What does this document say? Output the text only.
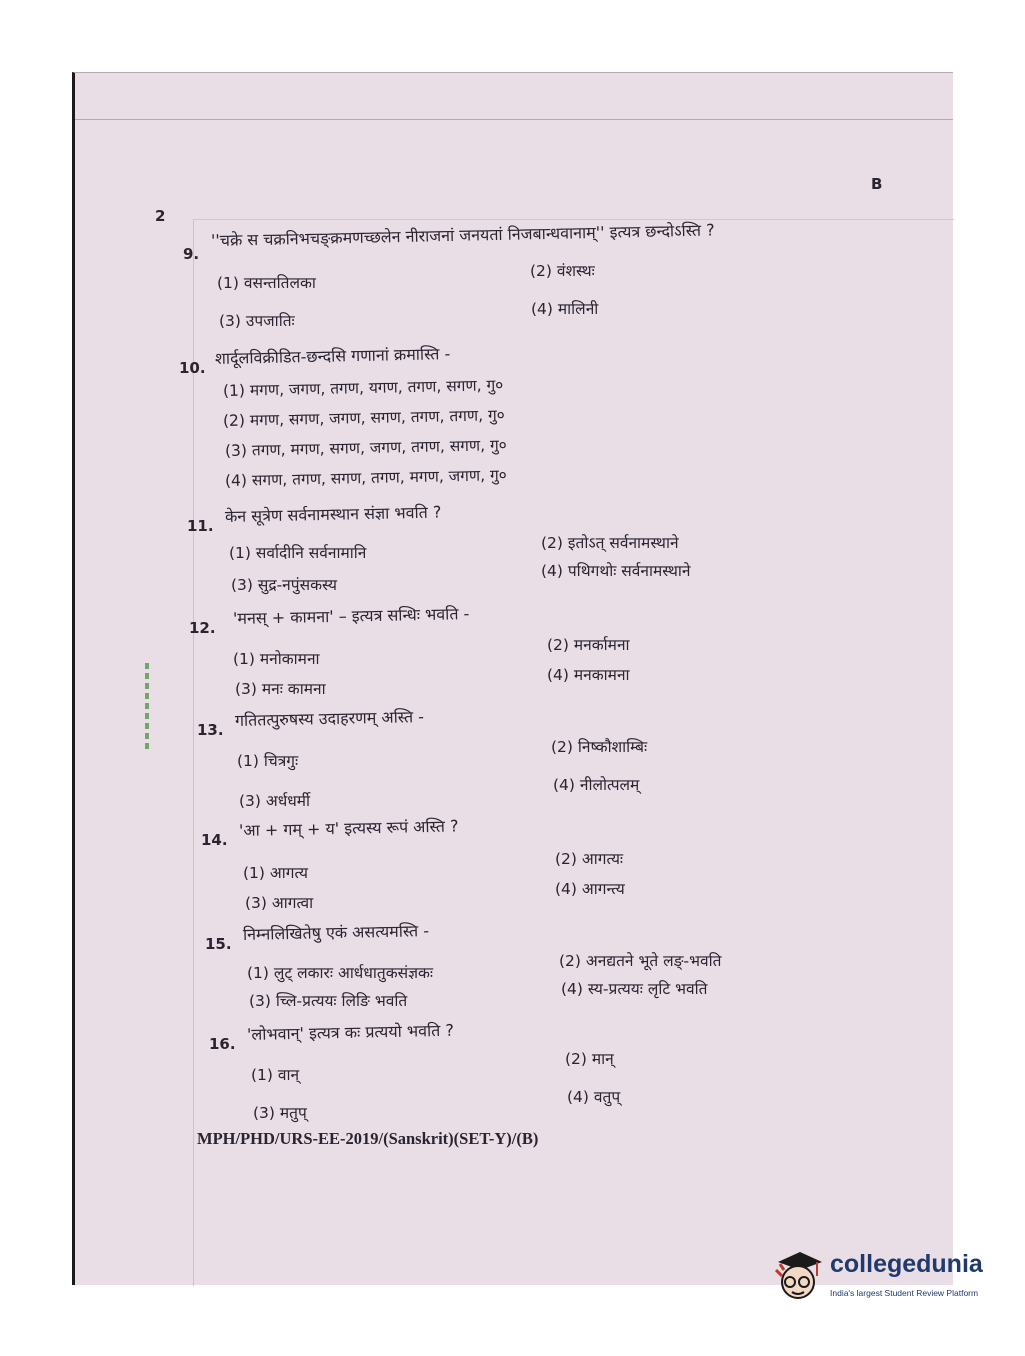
2
B
9.
''चक्रे स चक्रनिभचङ्क्रमणच्छलेन नीराजनां जनयतां निजबान्धवानाम्'' इत्यत्र छन्दोऽस्ति ?
(1) वसन्ततिलका
(2) वंशस्थः
(3) उपजातिः
(4) मालिनी
10.
शार्दूलविक्रीडित-छन्दसि गणानां क्रमास्ति -
(1) मगण, जगण, तगण, यगण, तगण, सगण, गु०
(2) मगण, सगण, जगण, सगण, तगण, तगण, गु०
(3) तगण, मगण, सगण, जगण, तगण, सगण, गु०
(4) सगण, तगण, सगण, तगण, मगण, जगण, गु०
11.
केन सूत्रेण सर्वनामस्थान संज्ञा भवति ?
(1) सर्वादीनि सर्वनामानि
(2) इतोऽत् सर्वनामस्थाने
(3) सुद्र-नपुंसकस्य
(4) पथिगथोः सर्वनामस्थाने
12.
'मनस् + कामना' – इत्यत्र सन्धिः भवति -
(1) मनोकामना
(2) मनर्कामना
(3) मनः कामना
(4) मनकामना
13.
गतितत्पुरुषस्य उदाहरणम् अस्ति -
(1) चित्रगुः
(2) निष्कौशाम्बिः
(3) अर्धधर्मी
(4) नीलोत्पलम्
14.
'आ + गम् + य' इत्यस्य रूपं अस्ति ?
(1) आगत्य
(2) आगत्यः
(3) आगत्वा
(4) आगन्त्य
15.
निम्नलिखितेषु एकं असत्यमस्ति -
(1) लुट् लकारः आर्धधातुकसंज्ञकः
(2) अनद्यतने भूते लङ्-भवति
(3) च्लि-प्रत्ययः लिङि भवति
(4) स्य-प्रत्ययः लृटि भवति
16.
'लोभवान्' इत्यत्र कः प्रत्ययो भवति ?
(1) वान्
(2) मान्
(3) मतुप्
(4) वतुप्
MPH/PHD/URS-EE-2019/(Sanskrit)(SET-Y)/(B)
collegedunia
India's largest Student Review Platform
